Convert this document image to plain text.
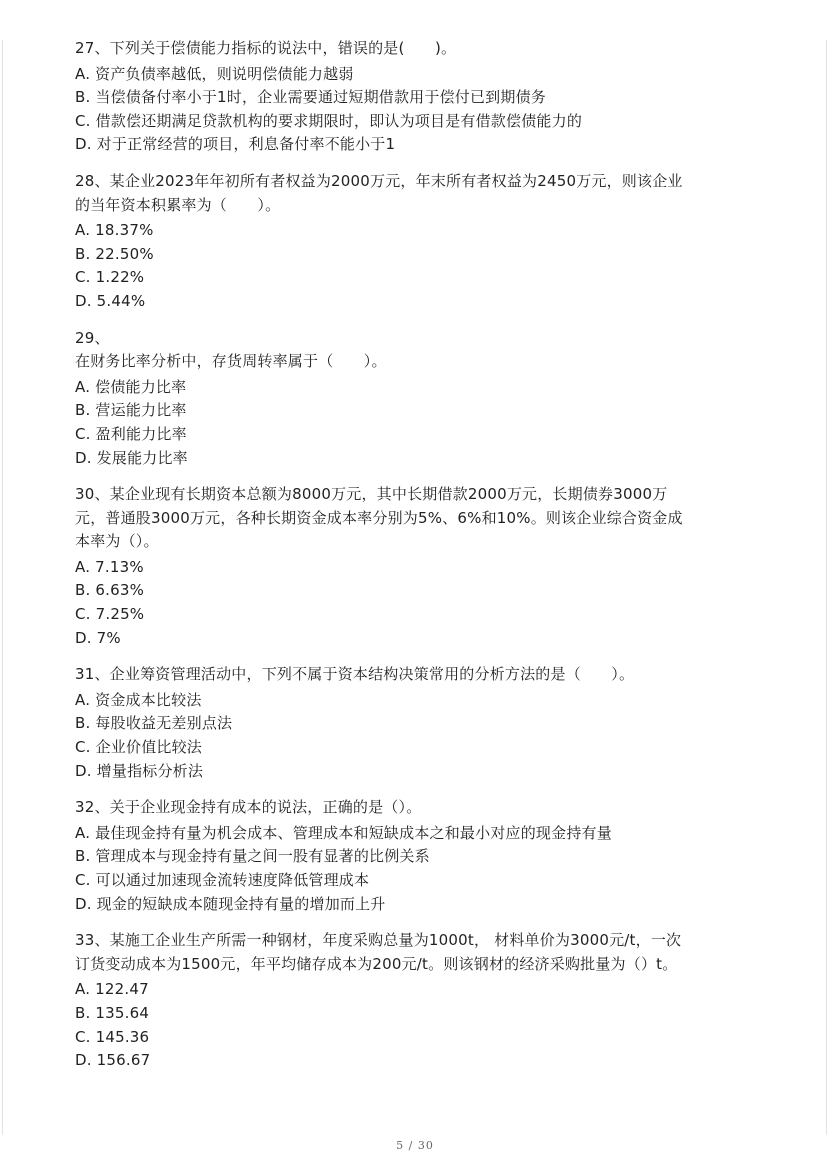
27、下列关于偿债能力指标的说法中，错误的是(　　)。

A. 资产负债率越低，则说明偿债能力越弱

B. 当偿债备付率小于1时，企业需要通过短期借款用于偿付已到期债务

C. 借款偿还期满足贷款机构的要求期限时，即认为项目是有借款偿债能力的

D. 对于正常经营的项目，利息备付率不能小于1

28、某企业2023年年初所有者权益为2000万元，年末所有者权益为2450万元，则该企业

的当年资本积累率为（　　）。

A. 18.37%

B. 22.50%

C. 1.22%

D. 5.44%

29、

在财务比率分析中，存货周转率属于（　　）。

A. 偿债能力比率

B. 营运能力比率

C. 盈利能力比率

D. 发展能力比率

30、某企业现有长期资本总额为8000万元，其中长期借款2000万元，长期债券3000万

元，普通股3000万元，各种长期资金成本率分别为5%、6%和10%。则该企业综合资金成

本率为（）。

A. 7.13%

B. 6.63%

C. 7.25%

D. 7%

31、企业筹资管理活动中，下列不属于资本结构决策常用的分析方法的是（　　）。

A. 资金成本比较法

B. 每股收益无差别点法

C. 企业价值比较法

D. 增量指标分析法

32、关于企业现金持有成本的说法，正确的是（）。

A. 最佳现金持有量为机会成本、管理成本和短缺成本之和最小对应的现金持有量

B. 管理成本与现金持有量之间一股有显著的比例关系

C. 可以通过加速现金流转速度降低管理成本

D. 现金的短缺成本随现金持有量的增加而上升

33、某施工企业生产所需一种钢材，年度采购总量为1000t， 材料单价为3000元/t，一次

订货变动成本为1500元，年平均储存成本为200元/t。则该钢材的经济采购批量为（）t。

A. 122.47

B. 135.64

C. 145.36

D. 156.67

5 / 30
